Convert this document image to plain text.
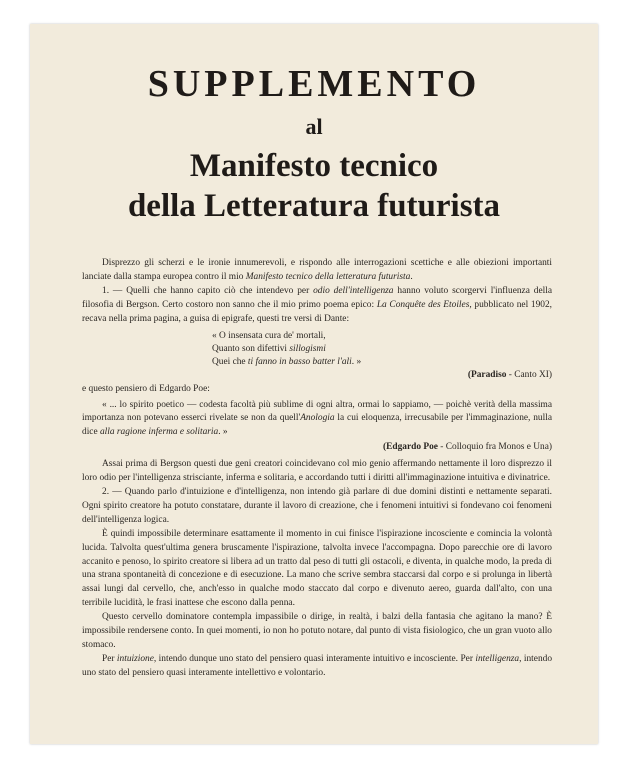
SUPPLEMENTO
al
Manifesto tecnico
della Letteratura futurista

Disprezzo gli scherzi e le ironie innumerevoli, e rispondo alle interrogazioni scettiche e alle obiezioni importanti lanciate dalla stampa europea contro il mio Manifesto tecnico della letteratura futurista.

1. — Quelli che hanno capito ciò che intendevo per odio dell'intelligenza hanno voluto scorgervi l'influenza della filosofia di Bergson. Certo costoro non sanno che il mio primo poema epico: La Conquête des Etoiles, pubblicato nel 1902, recava nella prima pagina, a guisa di epigrafe, questi tre versi di Dante:

« O insensata cura de' mortali,
Quanto son difettivi sillogismi
Quei che ti fanno in basso batter l'ali. »
(Paradiso - Canto XI)

e questo pensiero di Edgardo Poe:

« ... lo spirito poetico — codesta facoltà più sublime di ogni altra, ormai lo sappiamo, — poichè verità della massima importanza non potevano esserci rivelate se non da quell'Anologia la cui eloquenza, irrecusabile per l'immaginazione, nulla dice alla ragione inferma e solitaria. »

(Edgardo Poe - Colloquio fra Monos e Una)

Assai prima di Bergson questi due geni creatori coincidevano col mio genio affermando nettamente il loro disprezzo il loro odio per l'intelligenza strisciante, inferma e solitaria, e accordando tutti i diritti all'immaginazione intuitiva e divinatrice.

2. — Quando parlo d'intuizione e d'intelligenza, non intendo già parlare di due domini distinti e nettamente separati. Ogni spirito creatore ha potuto constatare, durante il lavoro di creazione, che i fenomeni intuitivi si fondevano coi fenomeni dell'intelligenza logica.

È quindi impossibile determinare esattamente il momento in cui finisce l'ispirazione incosciente e comincia la volontà lucida. Talvolta quest'ultima genera bruscamente l'ispirazione, talvolta invece l'accompagna. Dopo parecchie ore di lavoro accanito e penoso, lo spirito creatore si libera ad un tratto dal peso di tutti gli ostacoli, e diventa, in qualche modo, la preda di una strana spontaneità di concezione e di esecuzione. La mano che scrive sembra staccarsi dal corpo e si prolunga in libertà assai lungi dal cervello, che, anch'esso in qualche modo staccato dal corpo e divenuto aereo, guarda dall'alto, con una terribile lucidità, le frasi inattese che escono dalla penna.

Questo cervello dominatore contempla impassibile o dirige, in realtà, i balzi della fantasia che agitano la mano? È impossibile rendersene conto. In quei momenti, io non ho potuto notare, dal punto di vista fisiologico, che un gran vuoto allo stomaco.

Per intuizione, intendo dunque uno stato del pensiero quasi interamente intuitivo e incosciente. Per intelligenza, intendo uno stato del pensiero quasi interamente intellettivo e volontario.
